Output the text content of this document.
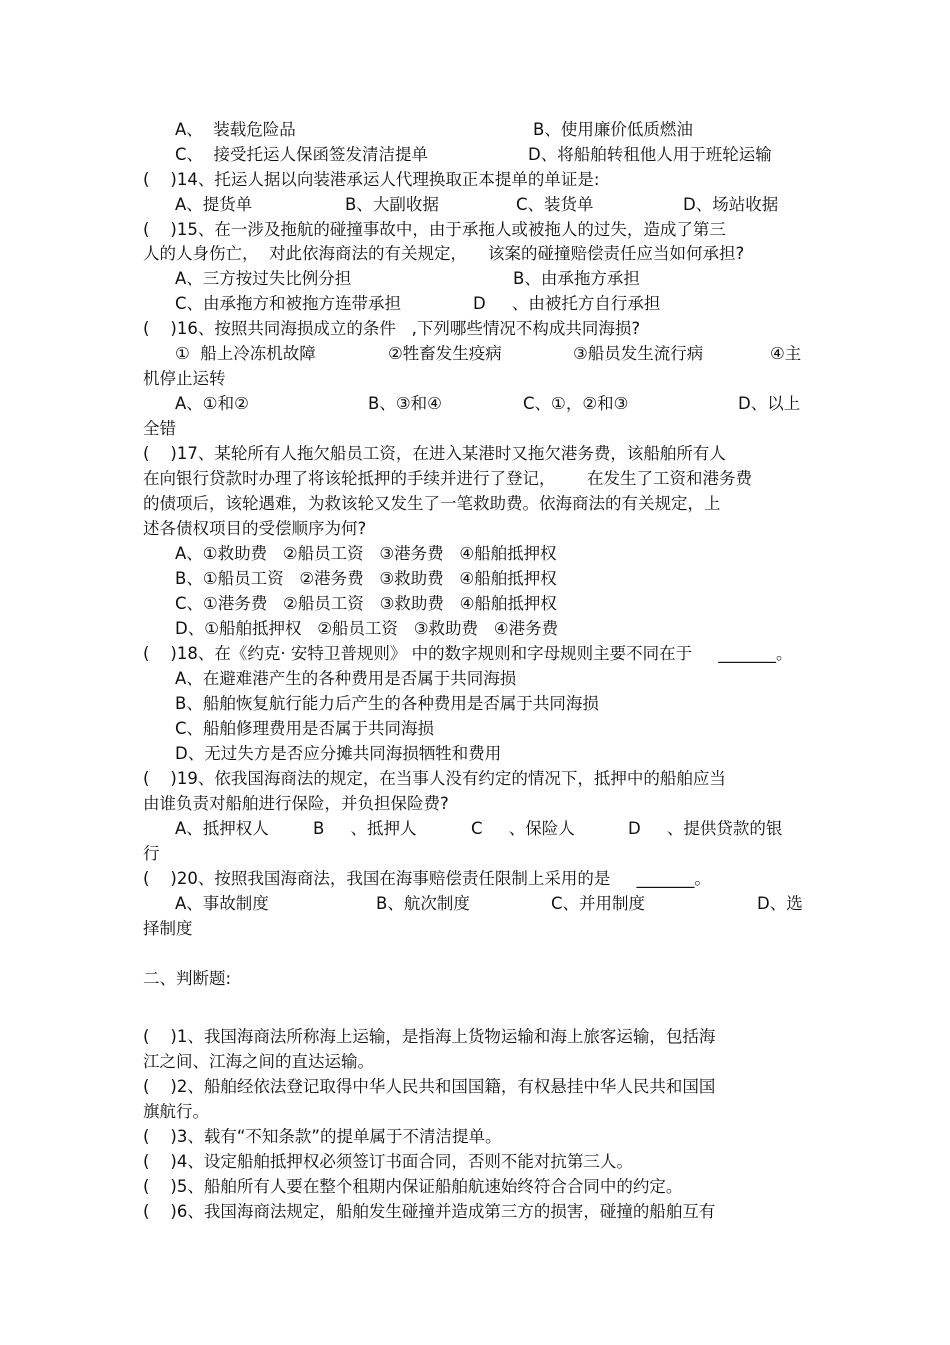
A、  装载危险品	B、使用廉价低质燃油
C、  接受托运人保函签发清洁提单	D、将船舶转租他人用于班轮运输
(    )14、托运人据以向装港承运人代理换取正本提单的单证是:
A、提货单	B、大副收据	C、装货单	D、场站收据
(    )15、在一涉及拖航的碰撞事故中，由于承拖人或被拖人的过失，造成了第三
人的人身伤亡，  对此依海商法的有关规定，    该案的碰撞赔偿责任应当如何承担?
A、三方按过失比例分担	B、由承拖方承担
C、由承拖方和被拖方连带承担	D     、由被托方自行承担
(    )16、按照共同海损成立的条件   ,下列哪些情况不构成共同海损?
①  船上冷冻机故障	②牲畜发生疫病	③船员发生流行病	④主
机停止运转
A、①和②	B、③和④	C、①，②和③	D、以上
全错
(    )17、某轮所有人拖欠船员工资，在进入某港时又拖欠港务费，该船舶所有人
在向银行贷款时办理了将该轮抵押的手续并进行了登记，      在发生了工资和港务费
的债项后，该轮遇难，为救该轮又发生了一笔救助费。依海商法的有关规定，上
述各债权项目的受偿顺序为何?
A、①救助费   ②船员工资   ③港务费   ④船舶抵押权
B、①船员工资   ②港务费   ③救助费   ④船舶抵押权
C、①港务费   ②船员工资   ③救助费   ④船舶抵押权
D、①船舶抵押权   ②船员工资   ③救助费   ④港务费
(    )18、在《约克· 安特卫普规则》 中的数字规则和字母规则主要不同在于     _______。
A、在避难港产生的各种费用是否属于共同海损
B、船舶恢复航行能力后产生的各种费用是否属于共同海损
C、船舶修理费用是否属于共同海损
D、无过失方是否应分摊共同海损牺牲和费用
(    )19、依我国海商法的规定，在当事人没有约定的情况下，抵押中的船舶应当
由谁负责对船舶进行保险，并负担保险费?
A、抵押权人	B     、抵押人	C     、保险人	D     、提供贷款的银
行
(    )20、按照我国海商法，我国在海事赔偿责任限制上采用的是     _______。
A、事故制度	B、航次制度	C、并用制度	D、选
择制度
二、判断题:
(    )1、我国海商法所称海上运输，是指海上货物运输和海上旅客运输，包括海
江之间、江海之间的直达运输。
(    )2、船舶经依法登记取得中华人民共和国国籍，有权悬挂中华人民共和国国
旗航行。
(    )3、载有“不知条款”的提单属于不清洁提单。
(    )4、设定船舶抵押权必须签订书面合同，否则不能对抗第三人。
(    )5、船舶所有人要在整个租期内保证船舶航速始终符合合同中的约定。
(    )6、我国海商法规定，船舶发生碰撞并造成第三方的损害，碰撞的船舶互有
